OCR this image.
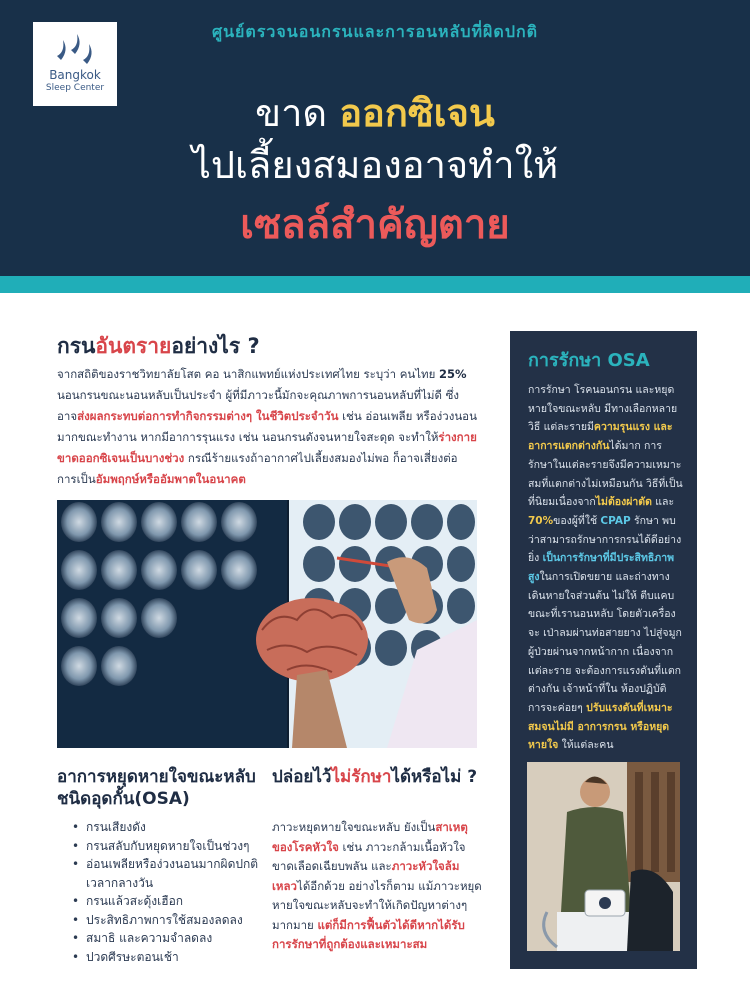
Bangkok
Sleep Center
ศูนย์ตรวจนอนกรนและการอนหลับที่ผิดปกติ
ขาด ออกซิเจน
ไปเลี้ยงสมองอาจทำให้
เซลล์สำคัญตาย
กรนอันตรายอย่างไร ?
จากสถิติของราชวิทยาลัยโสต คอ นาสิกแพทย์แห่งประเทศไทย ระบุว่า คนไทย 25% นอนกรนขณะนอนหลับเป็นประจำ ผู้ที่มีภาวะนี้มักจะคุณภาพการนอนหลับที่ไม่ดี ซึ่งอาจส่งผลกระทบต่อการทำกิจกรรมต่างๆ ในชีวิตประจำวัน เช่น อ่อนเพลีย หรือง่วงนอนมากขณะทำงาน หากมีอาการรุนแรง เช่น นอนกรนดังจนหายใจสะดุด จะทำให้ร่างกายขาดออกซิเจนเป็นบางช่วง กรณีร้ายแรงถ้าอากาศไปเลี้ยงสมองไม่พอ ก็อาจเสี่ยงต่อการเป็นอัมพฤกษ์หรืออัมพาตในอนาคต
อาการหยุดหายใจขณะหลับชนิดอุดกั้น(OSA)
• กรนเสียงดัง
• กรนสลับกับหยุดหายใจเป็นช่วงๆ
• อ่อนเพลียหรือง่วงนอนมากผิดปกติเวลากลางวัน
• กรนแล้วสะดุ้งเฮือก
• ประสิทธิภาพการใช้สมองลดลง
• สมาธิ และความจำลดลง
• ปวดศีรษะตอนเช้า
ปล่อยไว้ไม่รักษาได้หรือไม่ ?
ภาวะหยุดหายใจขณะหลับ ยังเป็นสาเหตุของโรคหัวใจ เช่น ภาวะกล้ามเนื้อหัวใจขาดเลือดเฉียบพลัน และภาวะหัวใจล้มเหลวได้อีกด้วย อย่างไรก็ตาม แม้ภาวะหยุดหายใจขณะหลับจะทำให้เกิดปัญหาต่างๆมากมาย แต่ก็มีการฟื้นตัวได้ดีหากได้รับการรักษาที่ถูกต้องและเหมาะสม
การรักษา OSA
การรักษา โรคนอนกรน และหยุดหายใจขณะหลับ มีทางเลือกหลายวิธี แต่ละรายมีความรุนแรง และอาการแตกต่างกันได้มาก การรักษาในแต่ละรายจึงมีความเหมาะสมที่แตกต่างไม่เหมือนกัน วิธีที่เป็นที่นิยมเนื่องจากไม่ต้องผ่าตัด และ 70%ของผู้ที่ใช้ CPAP รักษา พบว่าสามารถรักษาการกรนได้ดีอย่างยิ่ง เป็นการรักษาที่มีประสิทธิภาพสูงในการเปิดขยาย และถ่างทางเดินหายใจส่วนต้น ไม่ให้ ตีบแคบขณะที่เรานอนหลับ โดยตัวเครื่องจะ เป่าลมผ่านท่อสายยาง ไปสู่จมูกผู้ป่วยผ่านจากหน้ากาก เนื่องจากแต่ละราย จะต้องการแรงดันที่แตกต่างกัน เจ้าหน้าที่ใน ห้องปฏิบัติการจะค่อยๆ ปรับแรงดันที่เหมาะสมจนไม่มี อาการกรน หรือหยุดหายใจ ให้แต่ละคน
